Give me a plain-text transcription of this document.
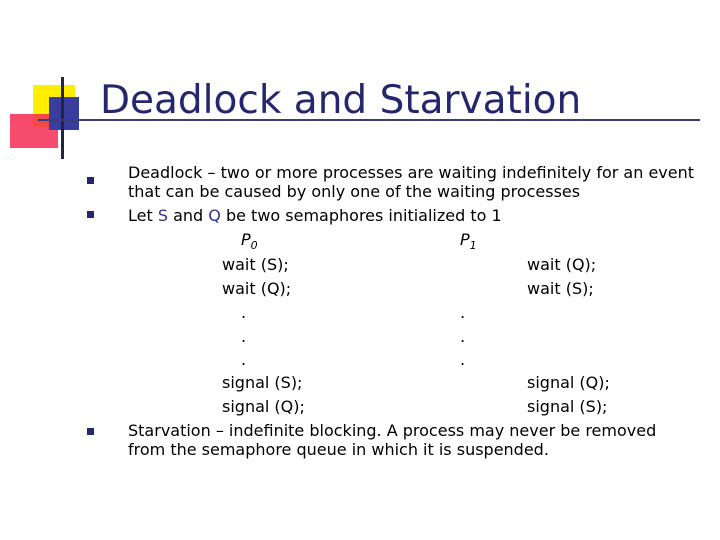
Deadlock and Starvation
Deadlock – two or more processes are waiting indefinitely for an event
that can be caused by only one of the waiting processes
Let S and Q be two semaphores initialized to 1
$P_0$	$P_1$
wait (S);
wait (Q);
.
.
.
signal (S);
signal (Q);
wait (Q);
wait (S);
.
.
.
signal (Q);
signal (S);
Starvation – indefinite blocking. A process may never be removed
from the semaphore queue in which it is suspended.
